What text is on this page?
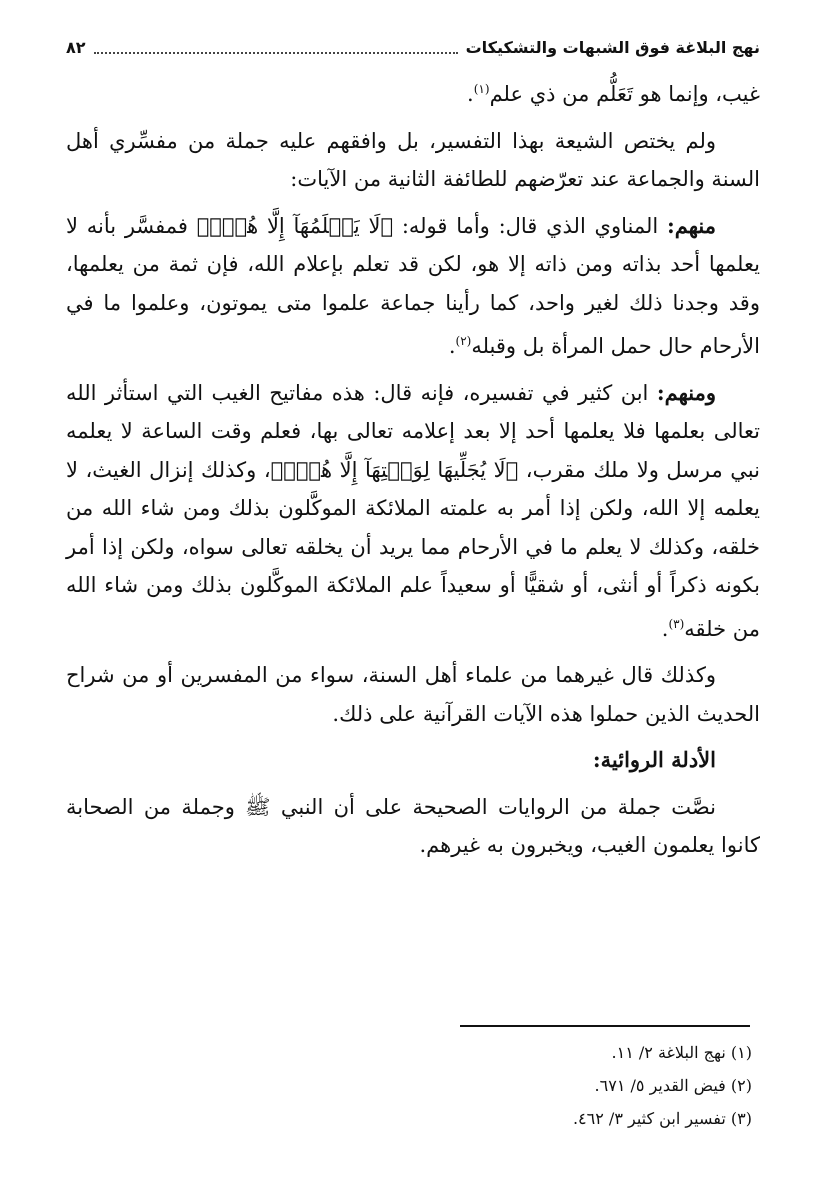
نهج البلاغة فوق الشبهات والتشكيكات
٨٢

غيب، وإنما هو تَعَلُّم من ذي علم$^{(١)}$.

ولم يختص الشيعة بهذا التفسير، بل وافقهم عليه جملة من مفسِّري أهل السنة والجماعة عند تعرّضهم للطائفة الثانية من الآيات:

منهم: المناوي الذي قال: وأما قوله: ﴿لَا يَعۡلَمُهَآ إِلَّا هُوَۚ﴾ فمفسَّر بأنه لا يعلمها أحد بذاته ومن ذاته إلا هو، لكن قد تعلم بإعلام الله، فإن ثمة من يعلمها، وقد وجدنا ذلك لغير واحد، كما رأينا جماعة علموا متى يموتون، وعلموا ما في الأرحام حال حمل المرأة بل وقبله$^{(٢)}$.

ومنهم: ابن كثير في تفسيره، فإنه قال: هذه مفاتيح الغيب التي استأثر الله تعالى بعلمها فلا يعلمها أحد إلا بعد إعلامه تعالى بها، فعلم وقت الساعة لا يعلمه نبي مرسل ولا ملك مقرب، ﴿لَا يُجَلِّيهَا لِوَقۡتِهَآ إِلَّا هُوَۚ﴾، وكذلك إنزال الغيث، لا يعلمه إلا الله، ولكن إذا أمر به علمته الملائكة الموكَّلون بذلك ومن شاء الله من خلقه، وكذلك لا يعلم ما في الأرحام مما يريد أن يخلقه تعالى سواه، ولكن إذا أمر بكونه ذكراً أو أنثى، أو شقيًّا أو سعيداً علم الملائكة الموكَّلون بذلك ومن شاء الله من خلقه$^{(٣)}$.

وكذلك قال غيرهما من علماء أهل السنة، سواء من المفسرين أو من شراح الحديث الذين حملوا هذه الآيات القرآنية على ذلك.

الأدلة الروائية:

نصَّت جملة من الروايات الصحيحة على أن النبي ﷺ وجملة من الصحابة كانوا يعلمون الغيب، ويخبرون به غيرهم.

(١) نهج البلاغة ٢/ ١١.
(٢) فيض القدير ٥/ ٦٧١.
(٣) تفسير ابن كثير ٣/ ٤٦٢.
